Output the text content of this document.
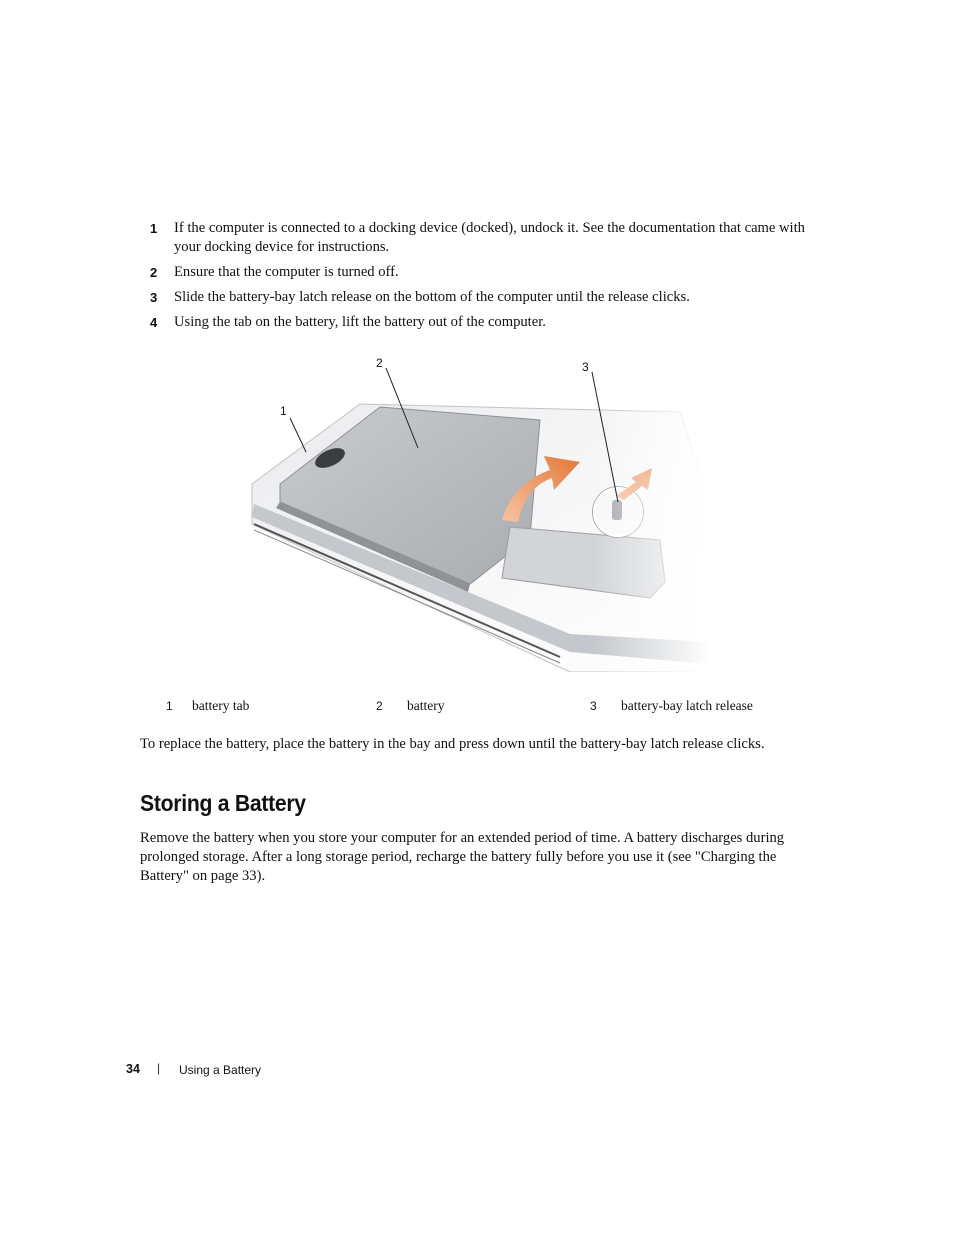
1 If the computer is connected to a docking device (docked), undock it. See the documentation that came with your docking device for instructions.
2 Ensure that the computer is turned off.
3 Slide the battery-bay latch release on the bottom of the computer until the release clicks.
4 Using the tab on the battery, lift the battery out of the computer.
1
2	3
1 battery tab	2 battery	3 battery-bay latch release

To replace the battery, place the battery in the bay and press down until the battery-bay latch release clicks.

Storing a Battery

Remove the battery when you store your computer for an extended period of time. A battery discharges during prolonged storage. After a long storage period, recharge the battery fully before you use it (see "Charging the Battery" on page 33).

34 | Using a Battery
